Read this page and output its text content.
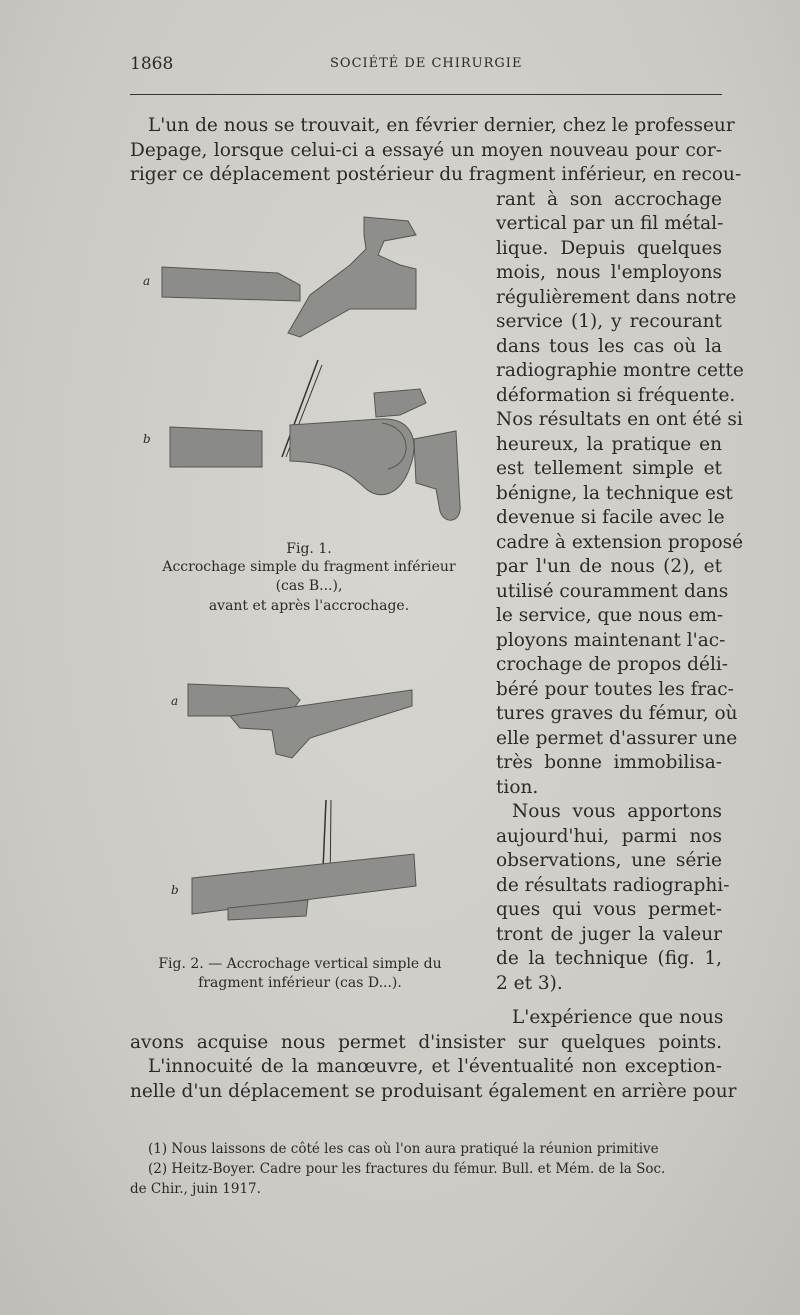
1868	SOCIÉTÉ DE CHIRURGIE
L'un de nous se trouvait, en février dernier, chez le professeur
Depage, lorsque celui-ci a essayé un moyen nouveau pour cor-
riger ce déplacement postérieur du fragment inférieur, en recou-
rant à son accrochage
vertical par un fil métal-
lique. Depuis quelques
mois, nous l'employons
régulièrement dans notre
service (1), y recourant
dans tous les cas où la
radiographie montre cette
déformation si fréquente.
Nos résultats en ont été si
heureux, la pratique en
est tellement simple et
bénigne, la technique est
devenue si facile avec le
cadre à extension proposé
par l'un de nous (2), et
utilisé couramment dans
le service, que nous em-
ployons maintenant l'ac-
crochage de propos déli-
béré pour toutes les frac-
tures graves du fémur, où
elle permet d'assurer une
très bonne immobilisa-
tion.
Nous vous apportons
aujourd'hui, parmi nos
observations, une série
de résultats radiographi-
ques qui vous permet-
tront de juger la valeur
de la technique (fig. 1,
2 et 3).
L'expérience que nous
avons acquise nous permet d'insister sur quelques points.
L'innocuité de la manœuvre, et l'éventualité non exception-
nelle d'un déplacement se produisant également en arrière pour
a
b
Fig. 1.
Accrochage simple du fragment inférieur
(cas B...),
avant et après l'accrochage.
a
b
Fig. 2. — Accrochage vertical simple du
fragment inférieur (cas D...).
(1) Nous laissons de côté les cas où l'on aura pratiqué la réunion primitive
(2) Heitz-Boyer. Cadre pour les fractures du fémur. Bull. et Mém. de la Soc.
de Chir., juin 1917.
